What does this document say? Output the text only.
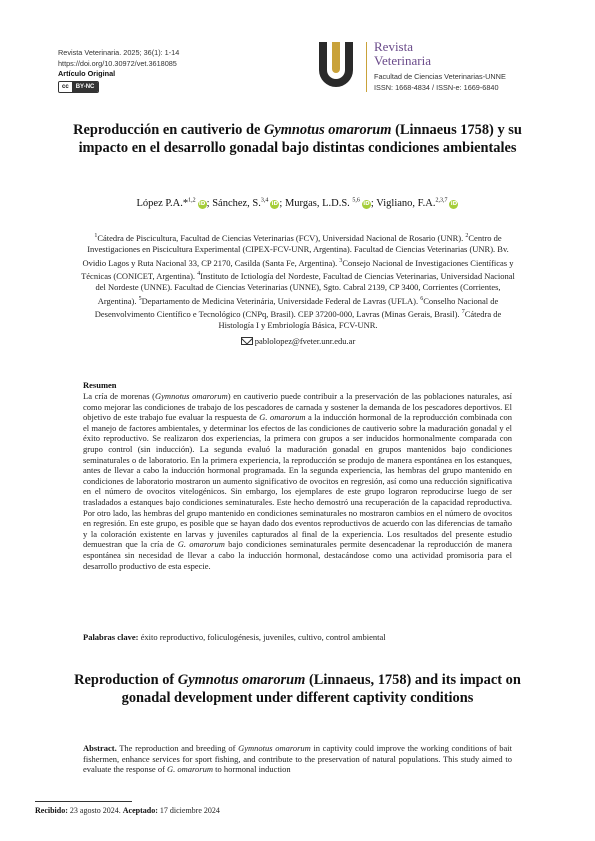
Revista Veterinaria. 2025; 36(1): 1-14
https://doi.org/10.30972/vet.3618085
Artículo Original
cc	BY-NC
Revista
Veterinaria
Facultad de Ciencias Veterinarias-UNNE
ISSN: 1668-4834 / ISSN-e: 1669-6840
Reproducción en cautiverio de Gymnotus omarorum (Linnaeus 1758) y su impacto en el desarrollo gonadal bajo distintas condiciones ambientales
López P.A.*$^{1,2}$iD; Sánchez, S.$^{3,4}$iD; Murgas, L.D.S. $^{5,6}$iD; Vigliano, F.A.$^{2,3,7}$iD
$^1$Cátedra de Piscicultura, Facultad de Ciencias Veterinarias (FCV), Universidad Nacional de Rosario (UNR). $^2$Centro de Investigaciones en Piscicultura Experimental (CIPEX-FCV-UNR, Argentina). Facultad de Ciencias Veterinarias (UNR). Bv. Ovidio Lagos y Ruta Nacional 33, CP 2170, Casilda (Santa Fe, Argentina). $^3$Consejo Nacional de Investigaciones Científicas y Técnicas (CONICET, Argentina). $^4$Instituto de Ictiología del Nordeste, Facultad de Ciencias Veterinarias, Universidad Nacional del Nordeste (UNNE). Facultad de Ciencias Veterinarias (UNNE), Sgto. Cabral 2139, CP 3400, Corrientes (Corrientes, Argentina). $^5$Departamento de Medicina Veterinária, Universidade Federal de Lavras (UFLA). $^6$Conselho Nacional de Desenvolvimento Científico e Tecnológico (CNPq, Brasil). CEP 37200-000, Lavras (Minas Gerais, Brasil). $^7$Cátedra de Histología I y Embriología Básica, FCV-UNR.
pablolopez@fveter.unr.edu.ar
Resumen
La cría de morenas (Gymnotus omarorum) en cautiverio puede contribuir a la preservación de las poblaciones naturales, así como mejorar las condiciones de trabajo de los pescadores de carnada y sostener la demanda de los pescadores deportivos. El objetivo de este trabajo fue evaluar la respuesta de G. omarorum a la inducción hormonal de la reproducción combinada con el manejo de factores ambientales, y determinar los efectos de las condiciones de cautiverio sobre la maduración gonadal y el éxito reproductivo. Se realizaron dos experiencias, la primera con grupos a ser inducidos hormonalmente comparada con grupo control (sin inducción). La segunda evaluó la maduración gonadal en grupos mantenidos bajo condiciones seminaturales o de laboratorio. En la primera experiencia, la reproducción se produjo de manera espontánea en los estanques, antes de llevar a cabo la inducción hormonal programada. En la segunda experiencia, las hembras del grupo mantenido en condiciones de laboratorio mostraron un aumento significativo de ovocitos en regresión, así como una reducción significativa en el número de ovocitos vitelogénicos. Sin embargo, los ejemplares de este grupo lograron reproducirse luego de ser trasladados a estanques bajo condiciones seminaturales. Este hecho demostró una recuperación de la capacidad reproductiva. Por otro lado, las hembras del grupo mantenido en condiciones seminaturales no mostraron cambios en el número de ovocitos en regresión. En este grupo, es posible que se hayan dado dos eventos reproductivos de acuerdo con las diferencias de tamaño y la coloración existente en larvas y juveniles capturados al final de la experiencia. Los resultados del presente estudio demuestran que la cría de G. omarorum bajo condiciones seminaturales permite desencadenar la reproducción de manera espontánea sin necesidad de llevar a cabo la inducción hormonal, destacándose como una actividad promisoria para el desarrollo productivo de esta especie.
Palabras clave: éxito reproductivo, foliculogénesis, juveniles, cultivo, control ambiental
Reproduction of Gymnotus omarorum (Linnaeus, 1758) and its impact on gonadal development under different captivity conditions
Abstract. The reproduction and breeding of Gymnotus omarorum in captivity could improve the working conditions of bait fishermen, enhance services for sport fishing, and contribute to the preservation of natural populations. This study aimed to evaluate the response of G. omarorum to hormonal induction
Recibido: 23 agosto 2024. Aceptado: 17 diciembre 2024
